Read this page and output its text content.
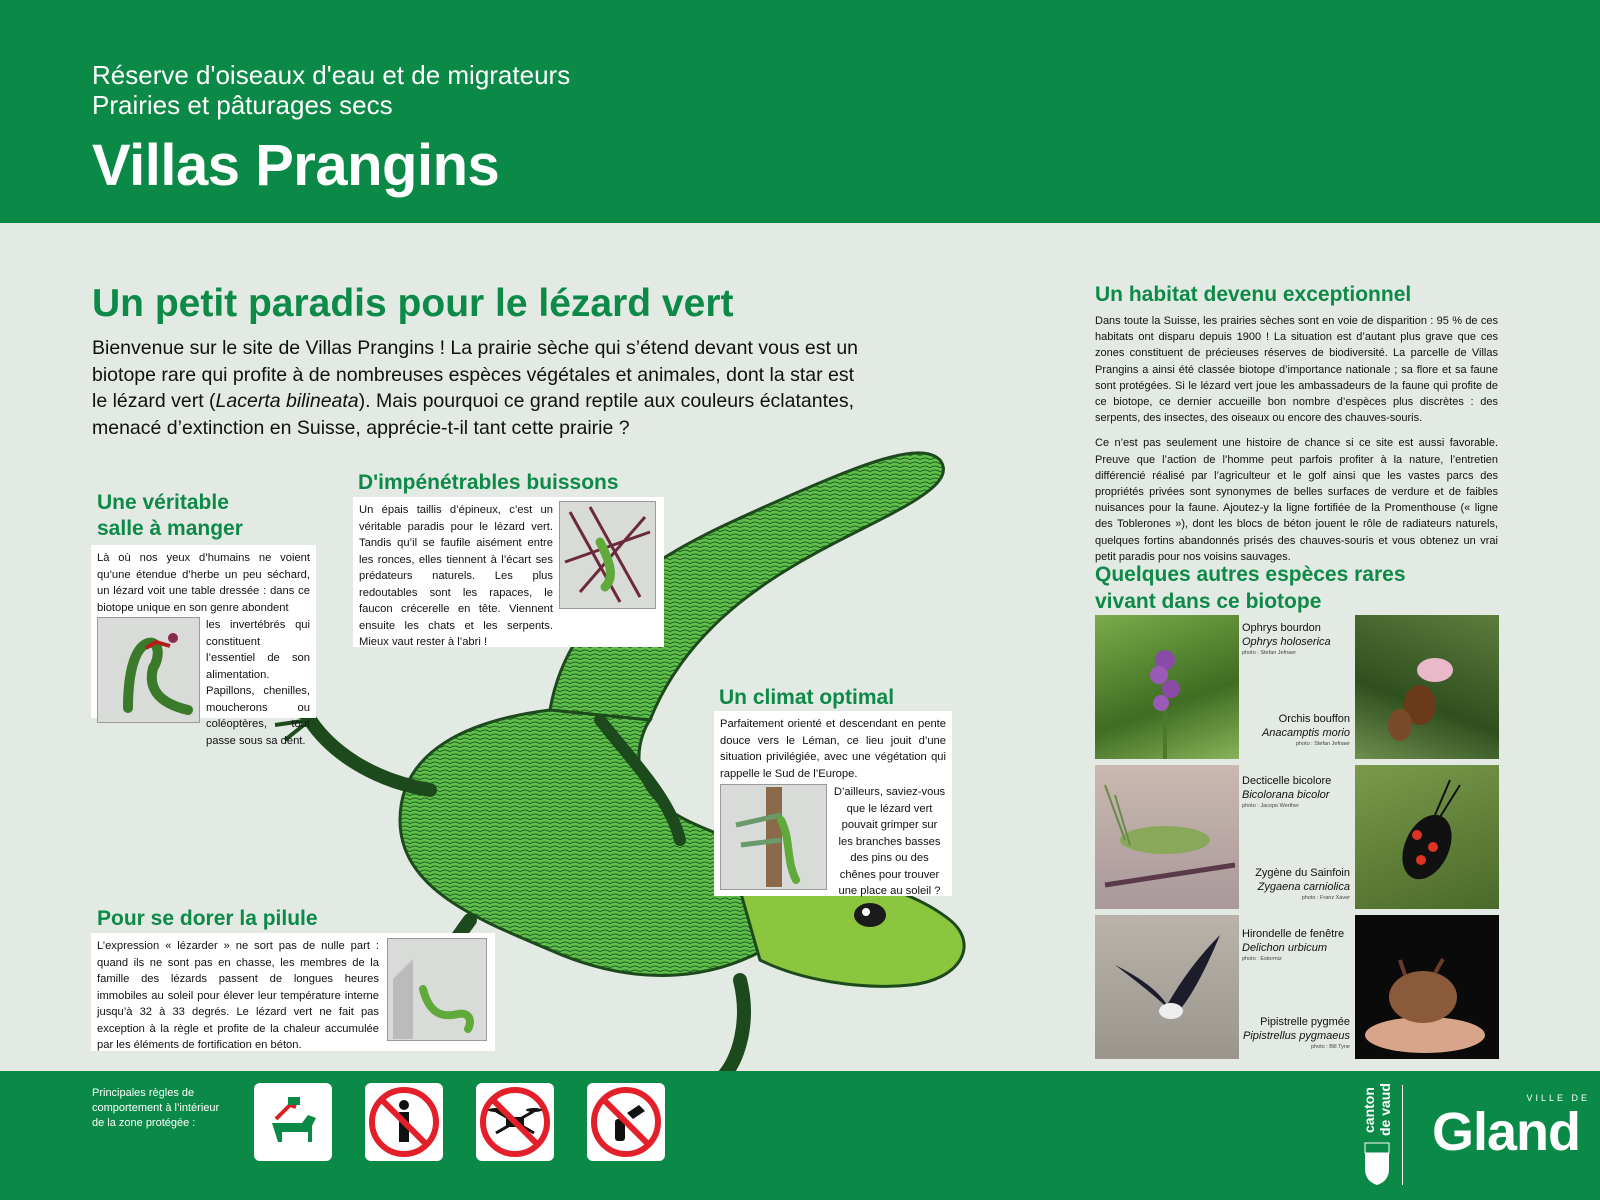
Réserve d'oiseaux d'eau et de migrateurs
Prairies et pâturages secs
Villas Prangins
Un petit paradis pour le lézard vert
Bienvenue sur le site de Villas Prangins ! La prairie sèche qui s’étend devant vous est un
biotope rare qui profite à de nombreuses espèces végétales et animales, dont la star est
le lézard vert (Lacerta bilineata). Mais pourquoi ce grand reptile aux couleurs éclatantes,
menacé d’extinction en Suisse, apprécie-t-il tant cette prairie ?
Une véritable
salle à manger
Là où nos yeux d’humains ne voient qu’une étendue d’herbe un peu séchard, un lézard voit une table dressée : dans ce biotope unique en son genre abondent
les invertébrés qui constituent l’essentiel de son alimentation. Papillons, chenilles, moucherons ou coléoptères, tout passe sous sa dent.
D'impénétrables buissons
Un épais taillis d’épineux, c’est un véritable paradis pour le lézard vert. Tandis qu’il se faufile aisément entre les ronces, elles tiennent à l’écart ses prédateurs naturels. Les plus redoutables sont les rapaces, le faucon crécerelle en tête. Viennent ensuite les chats et les serpents. Mieux vaut rester à l’abri !
Un climat optimal
Parfaitement orienté et descendant en pente douce vers le Léman, ce lieu jouit d’une situation privilégiée, avec une végétation qui rappelle le Sud de l’Europe.
D’ailleurs, saviez-vous que le lézard vert pouvait grimper sur les branches basses des pins ou des chênes pour trouver une place au soleil ?
Pour se dorer la pilule
L’expression « lézarder » ne sort pas de nulle part : quand ils ne sont pas en chasse, les membres de la famille des lézards passent de longues heures immobiles au soleil pour élever leur température interne jusqu’à 32 à 33 degrés. Le lézard vert ne fait pas exception à la règle et profite de la chaleur accumulée par les éléments de fortification en béton.
Un habitat devenu exceptionnel

Dans toute la Suisse, les prairies sèches sont en voie de disparition : 95 % de ces habitats ont disparu depuis 1900 ! La situation est d’autant plus grave que ces zones constituent de précieuses réserves de biodiversité. La parcelle de Villas Prangins a ainsi été classée biotope d’importance nationale ; sa flore et sa faune sont protégées. Si le lézard vert joue les ambassadeurs de la faune qui profite de ce biotope, ce dernier accueille bon nombre d’espèces plus discrètes : des serpents, des insectes, des oiseaux ou encore des chauves-souris.

Ce n’est pas seulement une histoire de chance si ce site est aussi favorable. Preuve que l’action de l’homme peut parfois profiter à la nature, l’entretien différencié réalisé par l’agriculteur et le golf ainsi que les vastes parcs des propriétés privées sont synonymes de belles surfaces de verdure et de faibles nuisances pour la faune. Ajoutez-y la ligne fortifiée de la Promenthouse (« ligne des Toblerones »), dont les blocs de béton jouent le rôle de radiateurs naturels, quelques fortins abandonnés prisés des chauves-souris et vous obtenez un vrai petit paradis pour nos voisins sauvages.

Quelques autres espèces rares
vivant dans ce biotope
Ophrys bourdon
Ophrys holoserica
photo : Stefan Jefnaer
Orchis bouffon
Anacamptis morio
photo : Stefan Jefnaer
Decticelle bicolore
Bicolorana bicolor
photo : Jacopo Werther
Zygène du Sainfoin
Zygaena carniolica
photo : Franz Xaver
Hirondelle de fenêtre
Delichon urbicum
photo : Estormiz
Pipistrelle pygmée
Pipistrellus pygmaeus
photo : Bill Tyne
Principales règles de comportement à l’intérieur de la zone protégée :	canton de vaud	VILLE DE
Gland
